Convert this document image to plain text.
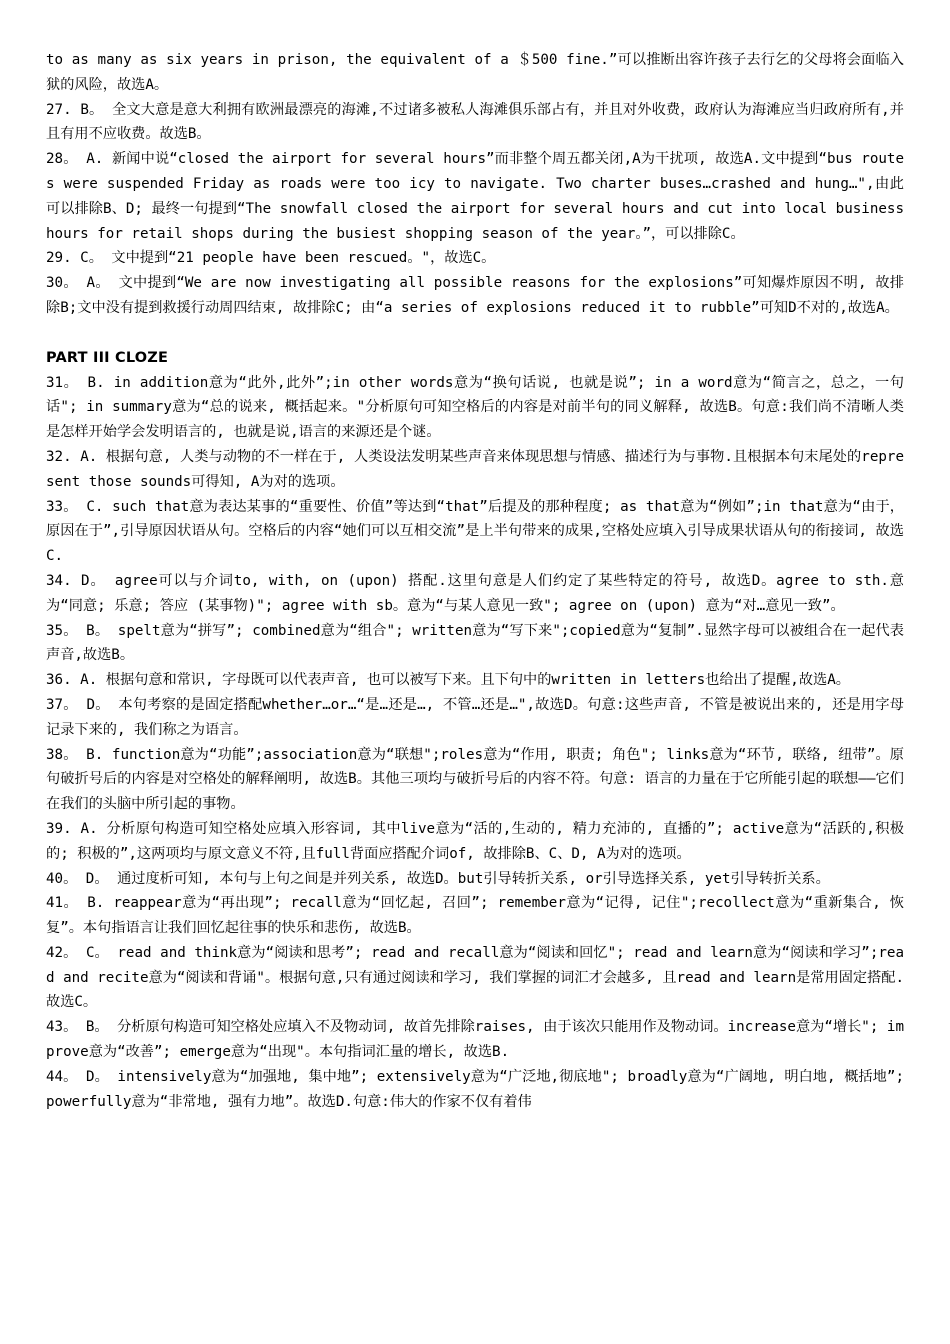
to as many as six years in prison, the equivalent of a ＄500 fine.”可以推断出容许孩子去行乞的父母将会面临入狱的风险，故选A。

27. B。 全文大意是意大利拥有欧洲最漂亮的海滩,不过诸多被私人海滩俱乐部占有，并且对外收费，政府认为海滩应当归政府所有,并且有用不应收费。故选B。

28。 A. 新闻中说“closed the airport for several hours”而非整个周五都关闭,A为干扰项, 故选A.文中提到“bus routes were suspended Friday as roads were too icy to navigate. Two charter buses…crashed and hung…",由此可以排除B、D; 最终一句提到“The snowfall closed the airport for several hours and cut into local business hours for retail shops during the busiest shopping season of the year。”，可以排除C。

29. C。 文中提到“21 people have been rescued。"，故选C。

30。 A。 文中提到“We are now investigating all possible reasons for the explosions”可知爆炸原因不明, 故排除B;文中没有提到救援行动周四结束, 故排除C; 由“a series of explosions reduced it to rubble”可知D不对的,故选A。

PART III CLOZE

31。 B. in addition意为“此外,此外”;in other words意为“换句话说, 也就是说”; in a word意为“简言之，总之，一句话"; in summary意为“总的说来, 概括起来。"分析原句可知空格后的内容是对前半句的同义解释, 故选B。句意:我们尚不清晰人类是怎样开始学会发明语言的, 也就是说,语言的来源还是个谜。

32. A. 根据句意, 人类与动物的不一样在于, 人类设法发明某些声音来体现思想与情感、描述行为与事物.且根据本句末尾处的represent those sounds可得知, A为对的选项。

33。 C. such that意为表达某事的“重要性、价值”等达到“that”后提及的那种程度; as that意为“例如”;in that意为“由于，原因在于”,引导原因状语从句。空格后的内容“她们可以互相交流”是上半句带来的成果,空格处应填入引导成果状语从句的衔接词, 故选C.

34. D。 agree可以与介词to, with, on (upon) 搭配.这里句意是人们约定了某些特定的符号, 故选D。agree to sth.意为“同意; 乐意; 答应 (某事物)"; agree with sb。意为“与某人意见一致"; agree on (upon) 意为“对…意见一致”。

35。 B。 spelt意为“拼写”; combined意为“组合"; written意为“写下来";copied意为“复制”.显然字母可以被组合在一起代表声音,故选B。

36. A. 根据句意和常识, 字母既可以代表声音, 也可以被写下来。且下句中的written in letters也给出了提醒,故选A。

37。 D。 本句考察的是固定搭配whether…or…“是…还是…, 不管…还是…",故选D。句意:这些声音, 不管是被说出来的, 还是用字母记录下来的, 我们称之为语言。

38。 B. function意为“功能”;association意为“联想";roles意为“作用, 职责; 角色"; links意为“环节, 联络, 纽带”。原句破折号后的内容是对空格处的解释阐明, 故选B。其他三项均与破折号后的内容不符。句意: 语言的力量在于它所能引起的联想——它们在我们的头脑中所引起的事物。

39. A. 分析原句构造可知空格处应填入形容词, 其中live意为“活的,生动的, 精力充沛的, 直播的”; active意为“活跃的,积极的; 积极的”,这两项均与原文意义不符,且full背面应搭配介词of, 故排除B、C、D, A为对的选项。

40。 D。 通过度析可知, 本句与上句之间是并列关系, 故选D。but引导转折关系, or引导选择关系, yet引导转折关系。

41。 B. reappear意为“再出现”; recall意为“回忆起, 召回”; remember意为“记得, 记住";recollect意为“重新集合, 恢复”。本句指语言让我们回忆起往事的快乐和悲伤, 故选B。

42。 C。 read and think意为“阅读和思考”; read and recall意为“阅读和回忆"; read and learn意为“阅读和学习”;read and recite意为“阅读和背诵"。根据句意,只有通过阅读和学习, 我们掌握的词汇才会越多, 且read and learn是常用固定搭配.故选C。

43。 B。 分析原句构造可知空格处应填入不及物动词, 故首先排除raises, 由于该次只能用作及物动词。increase意为“增长"; improve意为“改善”; emerge意为“出现"。本句指词汇量的增长, 故选B.

44。 D。 intensively意为“加强地, 集中地”; extensively意为“广泛地,彻底地"; broadly意为“广阔地, 明白地, 概括地”; powerfully意为“非常地, 强有力地”。故选D.句意:伟大的作家不仅有着伟
